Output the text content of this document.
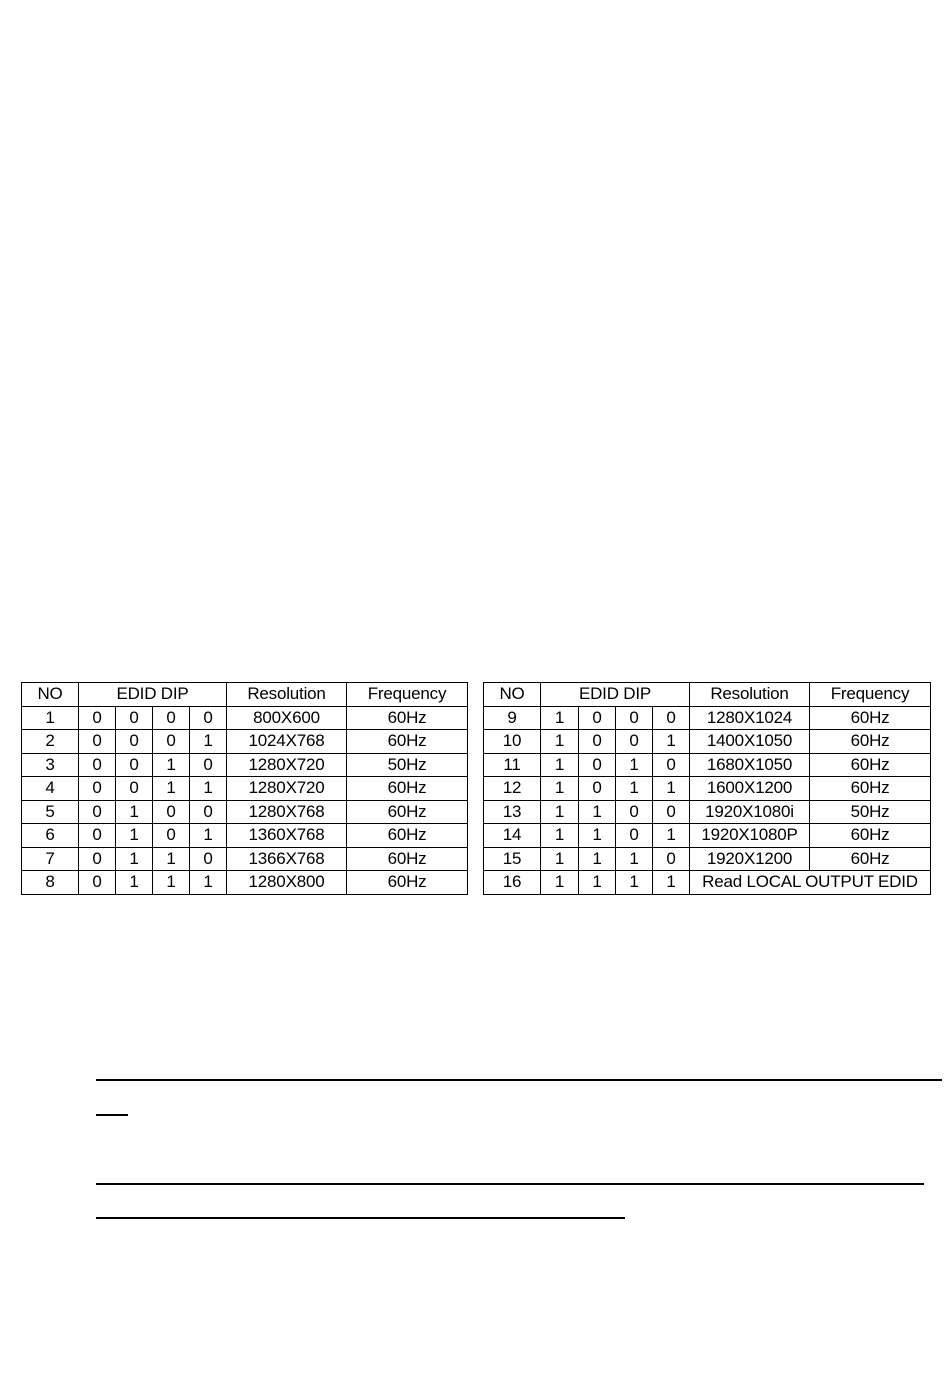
NO	EDID DIP				Resolution	Frequency
1	0	0	0	0	800X600	60Hz
2	0	0	0	1	1024X768	60Hz
3	0	0	1	0	1280X720	50Hz
4	0	0	1	1	1280X720	60Hz
5	0	1	0	0	1280X768	60Hz
6	0	1	0	1	1360X768	60Hz
7	0	1	1	0	1366X768	60Hz
8	0	1	1	1	1280X800	60Hz
NO	EDID DIP				Resolution	Frequency
9	1	0	0	0	1280X1024	60Hz
10	1	0	0	1	1400X1050	60Hz
11	1	0	1	0	1680X1050	60Hz
12	1	0	1	1	1600X1200	60Hz
13	1	1	0	0	1920X1080i	50Hz
14	1	1	0	1	1920X1080P	60Hz
15	1	1	1	0	1920X1200	60Hz
16	1	1	1	1	Read LOCAL OUTPUT EDID	
